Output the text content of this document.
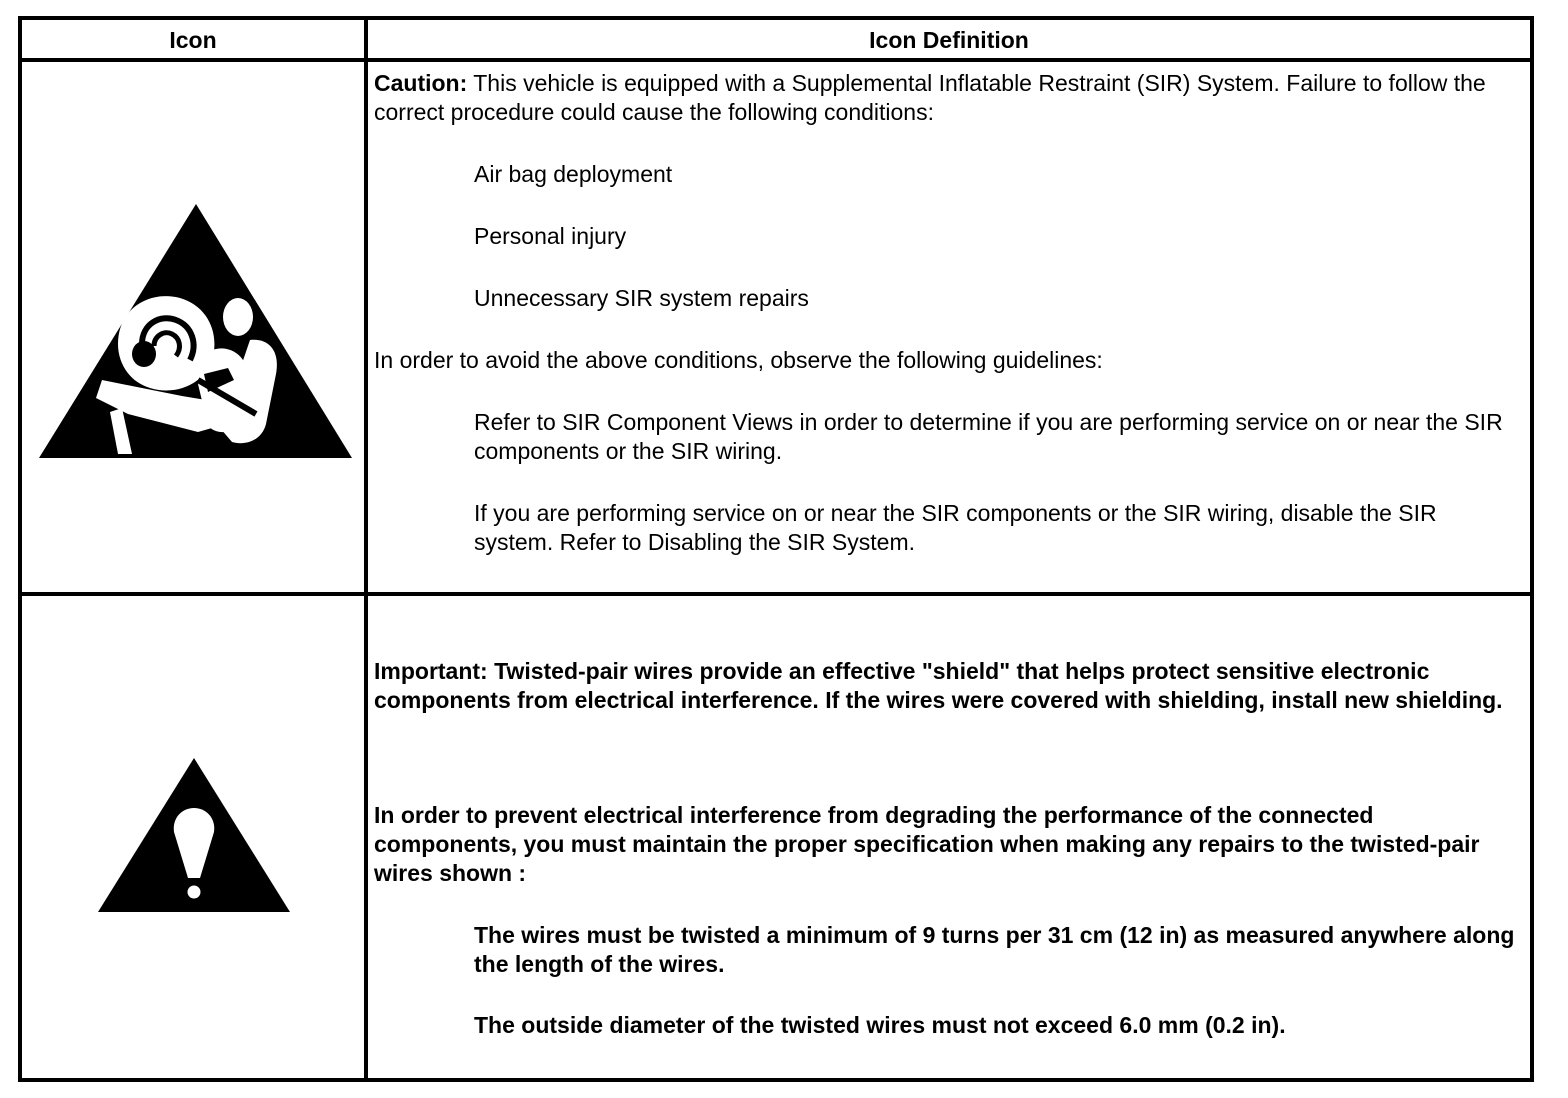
Icon	Icon Definition

Caution: This vehicle is equipped with a Supplemental Inflatable Restraint (SIR) System. Failure to follow the correct procedure could cause the following conditions:

Air bag deployment

Personal injury

Unnecessary SIR system repairs

In order to avoid the above conditions, observe the following guidelines:

Refer to SIR Component Views in order to determine if you are performing service on or near the SIR components or the SIR wiring.

If you are performing service on or near the SIR components or the SIR wiring, disable the SIR system. Refer to Disabling the SIR System.

Important: Twisted-pair wires provide an effective "shield" that helps protect sensitive electronic components from electrical interference. If the wires were covered with shielding, install new shielding.

In order to prevent electrical interference from degrading the performance of the connected components, you must maintain the proper specification when making any repairs to the twisted-pair wires shown :

The wires must be twisted a minimum of 9 turns per 31 cm (12 in) as measured anywhere along the length of the wires.

The outside diameter of the twisted wires must not exceed 6.0 mm (0.2 in).
